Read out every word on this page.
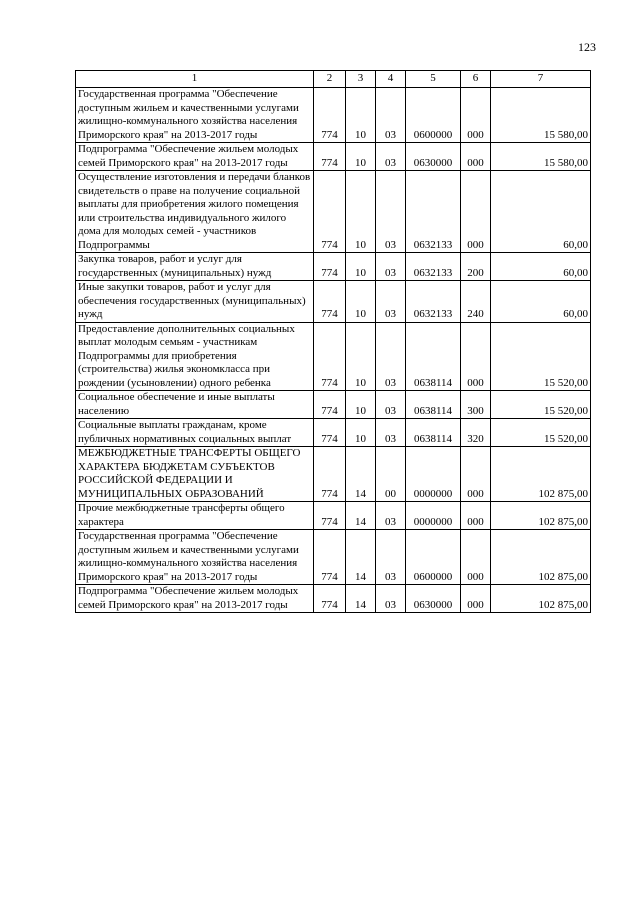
123
1	2	3	4	5	6	7
Государственная программа "Обеспечение доступным жильем и качественными услугами жилищно-коммунального хозяйства населения Приморского края" на 2013-2017 годы	774	10	03	0600000	000	15 580,00
Подпрограмма "Обеспечение жильем молодых семей Приморского края" на 2013-2017 годы	774	10	03	0630000	000	15 580,00
Осуществление изготовления и передачи бланков свидетельств о праве на получение социальной выплаты для приобретения жилого помещения или строительства индивидуального жилого дома для молодых семей - участников Подпрограммы	774	10	03	0632133	000	60,00
Закупка товаров, работ и услуг для государственных (муниципальных) нужд	774	10	03	0632133	200	60,00
Иные закупки товаров, работ и услуг для обеспечения государственных (муниципальных) нужд	774	10	03	0632133	240	60,00
Предоставление дополнительных социальных выплат молодым семьям - участникам Подпрограммы для приобретения (строительства) жилья экономкласса при рождении (усыновлении) одного ребенка	774	10	03	0638114	000	15 520,00
Социальное обеспечение и иные выплаты населению	774	10	03	0638114	300	15 520,00
Социальные выплаты гражданам, кроме публичных нормативных социальных выплат	774	10	03	0638114	320	15 520,00
МЕЖБЮДЖЕТНЫЕ ТРАНСФЕРТЫ ОБЩЕГО ХАРАКТЕРА БЮДЖЕТАМ СУБЪЕКТОВ РОССИЙСКОЙ ФЕДЕРАЦИИ И МУНИЦИПАЛЬНЫХ ОБРАЗОВАНИЙ	774	14	00	0000000	000	102 875,00
Прочие межбюджетные трансферты общего характера	774	14	03	0000000	000	102 875,00
Государственная программа "Обеспечение доступным жильем и качественными услугами жилищно-коммунального хозяйства населения Приморского края" на 2013-2017 годы	774	14	03	0600000	000	102 875,00
Подпрограмма "Обеспечение жильем молодых семей Приморского края" на 2013-2017 годы	774	14	03	0630000	000	102 875,00
